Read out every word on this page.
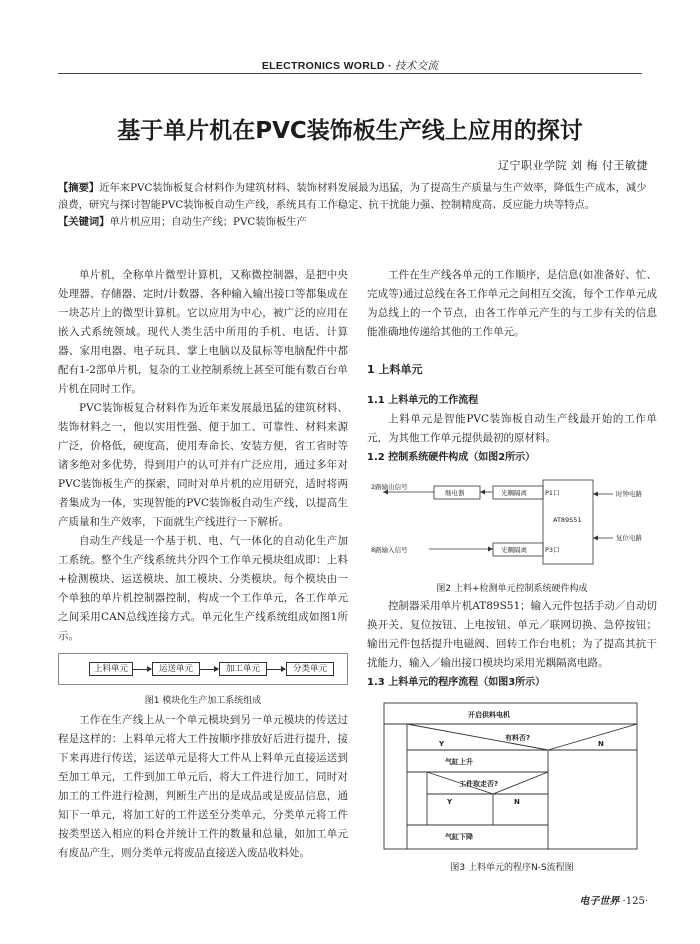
ELECTRONICS WORLD · 技术交流
基于单片机在PVC装饰板生产线上应用的探讨
辽宁职业学院 刘 梅 付王敏捷
【摘要】近年来PVC装饰板复合材料作为建筑材料、装饰材料发展最为迅猛，为了提高生产质量与生产效率，降低生产成本，减少浪费，研究与探讨智能PVC装饰板自动生产线，系统具有工作稳定、抗干扰能力强、控制精度高、反应能力块等特点。
【关键词】单片机应用；自动生产线；PVC装饰板生产

单片机，全称单片微型计算机，又称微控制器，是把中央处理器、存储器、定时/计数器、各种输入输出接口等都集成在一块芯片上的微型计算机。它以应用为中心，被广泛的应用在嵌入式系统领域。现代人类生活中所用的手机、电话、计算器、家用电器、电子玩具、掌上电脑以及鼠标等电脑配件中都配有1-2部单片机，复杂的工业控制系统上甚至可能有数百台单片机在同时工作。

PVC装饰板复合材料作为近年来发展最迅猛的建筑材料、装饰材料之一，他以实用性强、便于加工、可靠性、材料来源广泛，价格低，硬度高，使用寿命长、安装方便，省工省时等诸多绝对多优势，得到用户的认可并有广泛应用，通过多年对PVC装饰板生产的探索，同时对单片机的应用研究，适时将两者集成为一体，实现智能的PVC装饰板自动生产线，以提高生产质量和生产效率，下面就生产线进行一下解析。

自动生产线是一个基于机、电、气一体化的自动化生产加工系统。整个生产线系统共分四个工作单元模块组成即：上料+检测模块、运送模块、加工模块、分类模块。每个模块由一个单独的单片机控制器控制，构成一个工作单元，各工作单元之间采用CAN总线连接方式。单元化生产线系统组成如图1所示。

上料单元	运送单元	加工单元	分类单元
图1 模块化生产加工系统组成

工作在生产线上从一个单元模块到另一单元模块的传送过程是这样的：上料单元将大工件按顺序排放好后进行提升，接下来再进行传送，运送单元是将大工件从上料单元直接运送到至加工单元，工件到加工单元后，将大工件进行加工，同时对加工的工件进行检测，判断生产出的是成品或是废品信息，通知下一单元，将加工好的工件送至分类单元，分类单元将工件按类型送入相应的料仓并统计工件的数量和总量，如加工单元有废品产生，则分类单元将废品直接送入废品收料处。

工件在生产线各单元的工作顺序，是信息(如准备好、忙、完成等)通过总线在各工作单元之间相互交流，每个工作单元成为总线上的一个节点，由各工作单元产生的与工步有关的信息能准确地传递给其他的工作单元。

1 上料单元
1.1 上料单元的工作流程

上料单元是智能PVC装饰板自动生产线最开始的工作单元，为其他工作单元提供最初的原材料。

1.2 控制系统硬件构成（如图2所示）
2路输出信号
继电器	光耦隔离	P1口
AT89S51
时钟电路
复位电路
8路输入信号	光耦隔离	P3口
图2 上料+检测单元控制系统硬件构成

控制器采用单片机AT89S51；输入元件包括手动／自动切换开关、复位按钮、上电按钮、单元／联网切换、急停按钮；输出元件包括提升电磁阀、回转工作台电机；为了提高其抗干扰能力，输入／输出接口模块均采用光耦隔离电路。

1.3 上料单元的程序流程（如图3所示）
开启供料电机
有料否?
Y	N
气缸上升
工件取走否?
Y	N
气缸下降
图3 上料单元的程序N-S流程图
电子世界 ·125·
